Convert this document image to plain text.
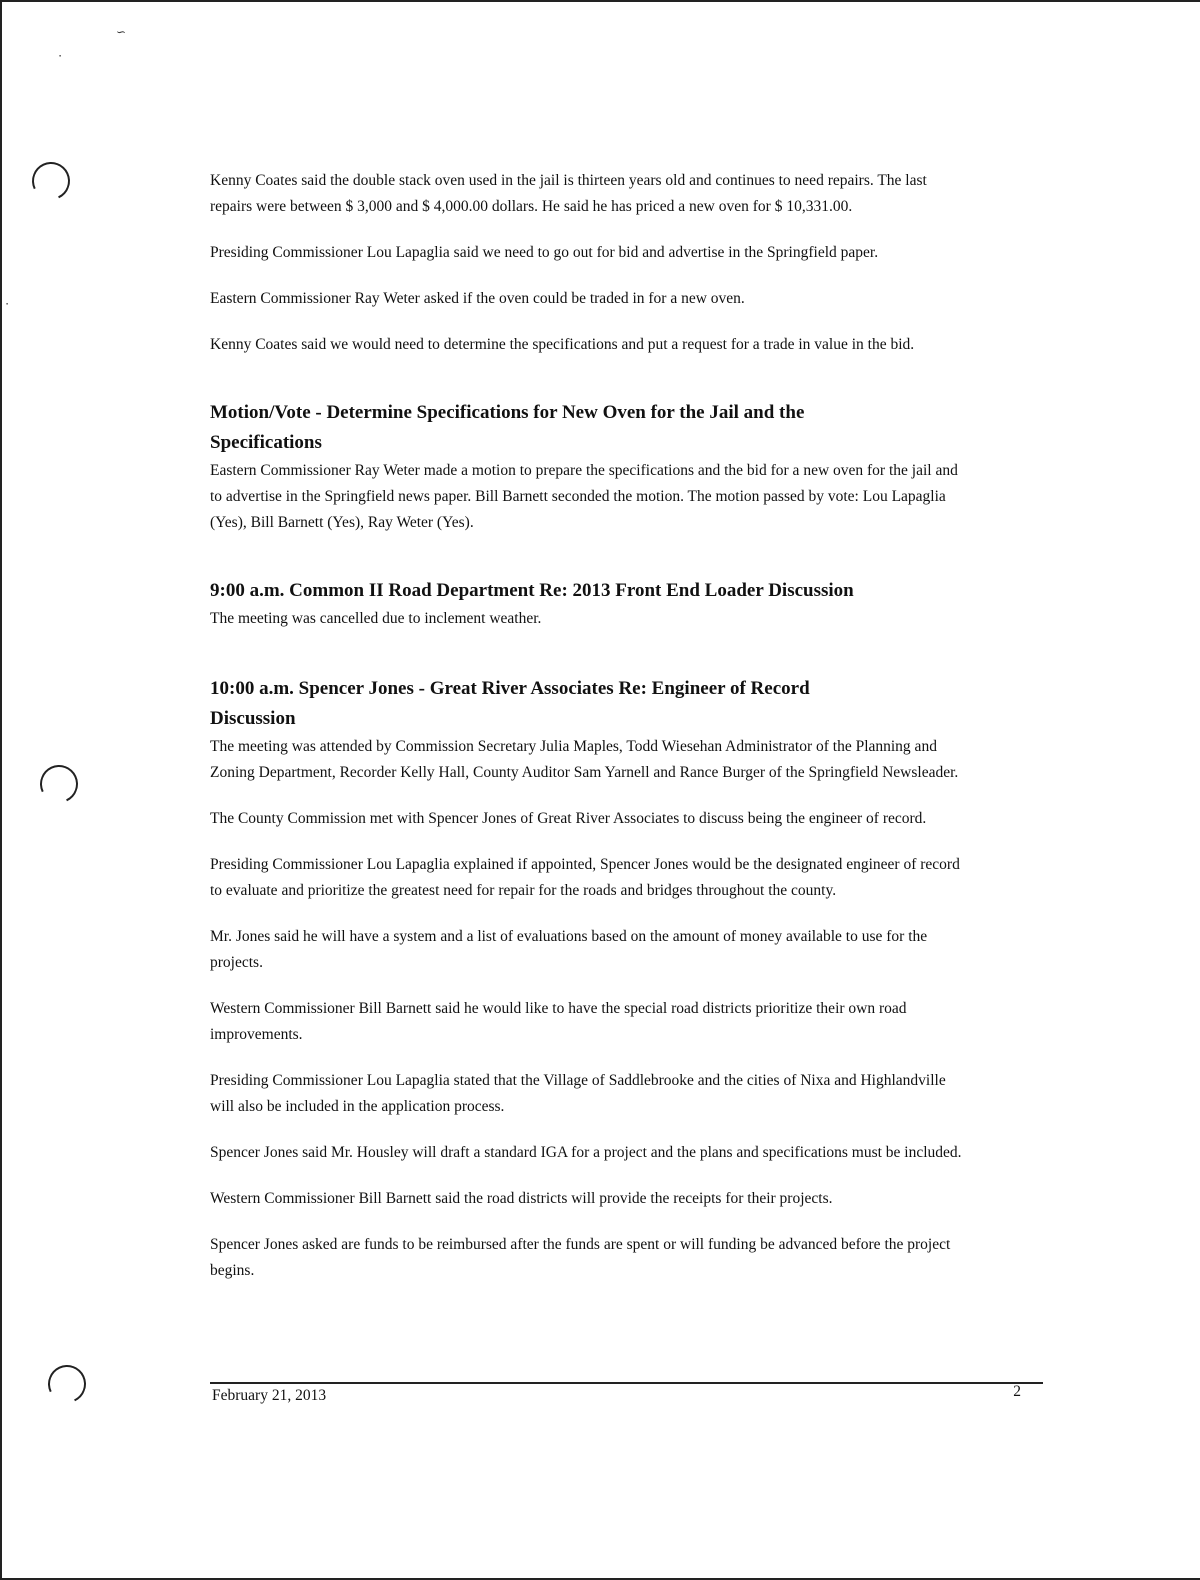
∽
⋅
⋅

Kenny Coates said the double stack oven used in the jail is thirteen years old and continues to need repairs. The last repairs were between $ 3,000 and $ 4,000.00 dollars. He said he has priced a new oven for $ 10,331.00.

Presiding Commissioner Lou Lapaglia said we need to go out for bid and advertise in the Springfield paper.

Eastern Commissioner Ray Weter asked if the oven could be traded in for a new oven.

Kenny Coates said we would need to determine the specifications and put a request for a trade in value in the bid.

Motion/Vote - Determine Specifications for New Oven for the Jail and the Specifications

Eastern Commissioner Ray Weter made a motion to prepare the specifications and the bid for a new oven for the jail and to advertise in the Springfield news paper. Bill Barnett seconded the motion. The motion passed by vote: Lou Lapaglia (Yes), Bill Barnett (Yes), Ray Weter (Yes).

9:00 a.m. Common II Road Department Re: 2013 Front End Loader Discussion

The meeting was cancelled due to inclement weather.

10:00 a.m. Spencer Jones - Great River Associates Re: Engineer of Record Discussion

The meeting was attended by Commission Secretary Julia Maples, Todd Wiesehan Administrator of the Planning and Zoning Department, Recorder Kelly Hall, County Auditor Sam Yarnell and Rance Burger of the Springfield Newsleader.

The County Commission met with Spencer Jones of Great River Associates to discuss being the engineer of record.

Presiding Commissioner Lou Lapaglia explained if appointed, Spencer Jones would be the designated engineer of record to evaluate and prioritize the greatest need for repair for the roads and bridges throughout the county.

Mr. Jones said he will have a system and a list of evaluations based on the amount of money available to use for the projects.

Western Commissioner Bill Barnett said he would like to have the special road districts prioritize their own road improvements.

Presiding Commissioner Lou Lapaglia stated that the Village of Saddlebrooke and the cities of Nixa and Highlandville will also be included in the application process.

Spencer Jones said Mr. Housley will draft a standard IGA for a project and the plans and specifications must be included.

Western Commissioner Bill Barnett said the road districts will provide the receipts for their projects.

Spencer Jones asked are funds to be reimbursed after the funds are spent or will funding be advanced before the project begins.

February 21, 2013	2
